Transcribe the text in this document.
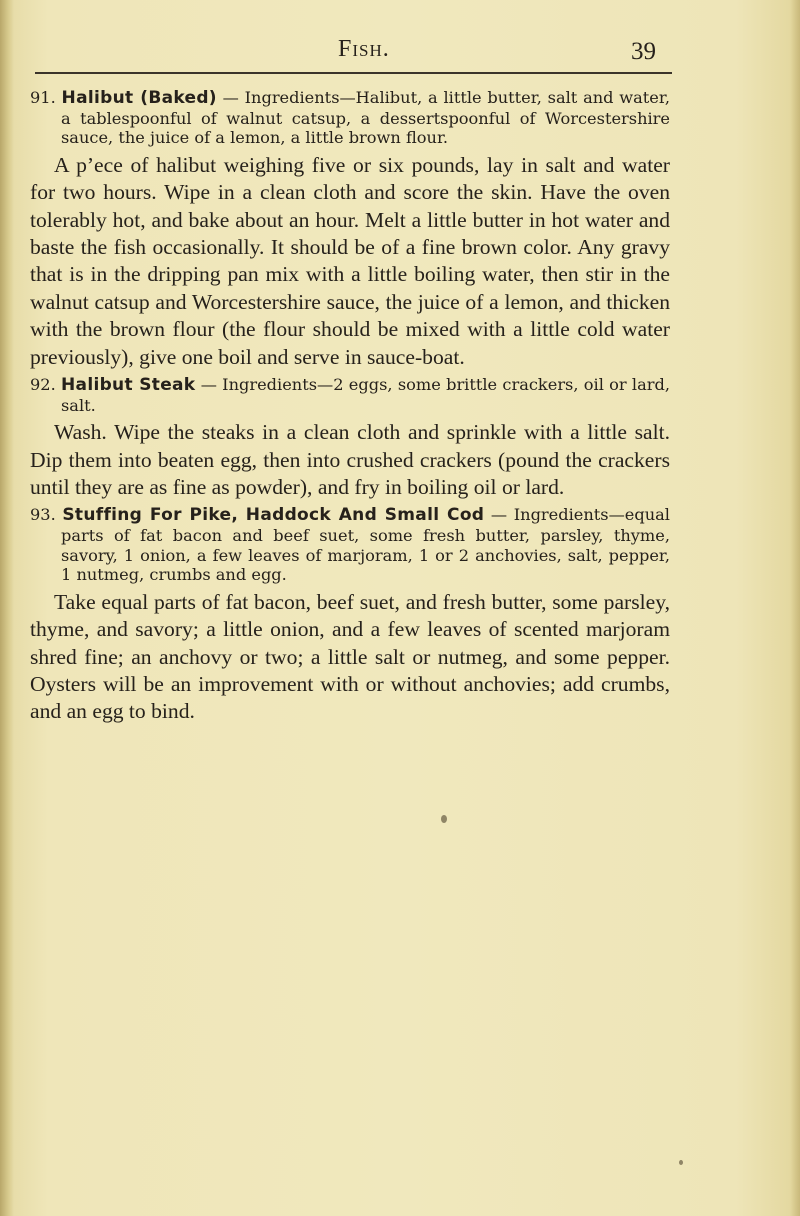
Fish.	39

91. Halibut (Baked) — Ingredients—Halibut, a little butter, salt and water, a tablespoonful of walnut catsup, a dessertspoonful of Worcestershire sauce, the juice of a lemon, a little brown flour.

A p’ece of halibut weighing five or six pounds, lay in salt and water for two hours. Wipe in a clean cloth and score the skin. Have the oven tolerably hot, and bake about an hour. Melt a little butter in hot water and baste the fish occasionally. It should be of a fine brown color. Any gravy that is in the dripping pan mix with a little boiling water, then stir in the walnut catsup and Worcestershire sauce, the juice of a lemon, and thicken with the brown flour (the flour should be mixed with a little cold water previously), give one boil and serve in sauce-boat.

92. Halibut Steak — Ingredients—2 eggs, some brittle crackers, oil or lard, salt.

Wash. Wipe the steaks in a clean cloth and sprinkle with a little salt. Dip them into beaten egg, then into crushed crackers (pound the crackers until they are as fine as powder), and fry in boiling oil or lard.

93. Stuffing For Pike, Haddock And Small Cod — Ingredients—equal parts of fat bacon and beef suet, some fresh butter, parsley, thyme, savory, 1 onion, a few leaves of marjoram, 1 or 2 anchovies, salt, pepper, 1 nutmeg, crumbs and egg.

Take equal parts of fat bacon, beef suet, and fresh butter, some parsley, thyme, and savory; a little onion, and a few leaves of scented marjoram shred fine; an anchovy or two; a little salt or nutmeg, and some pepper. Oysters will be an improvement with or without anchovies; add crumbs, and an egg to bind.
